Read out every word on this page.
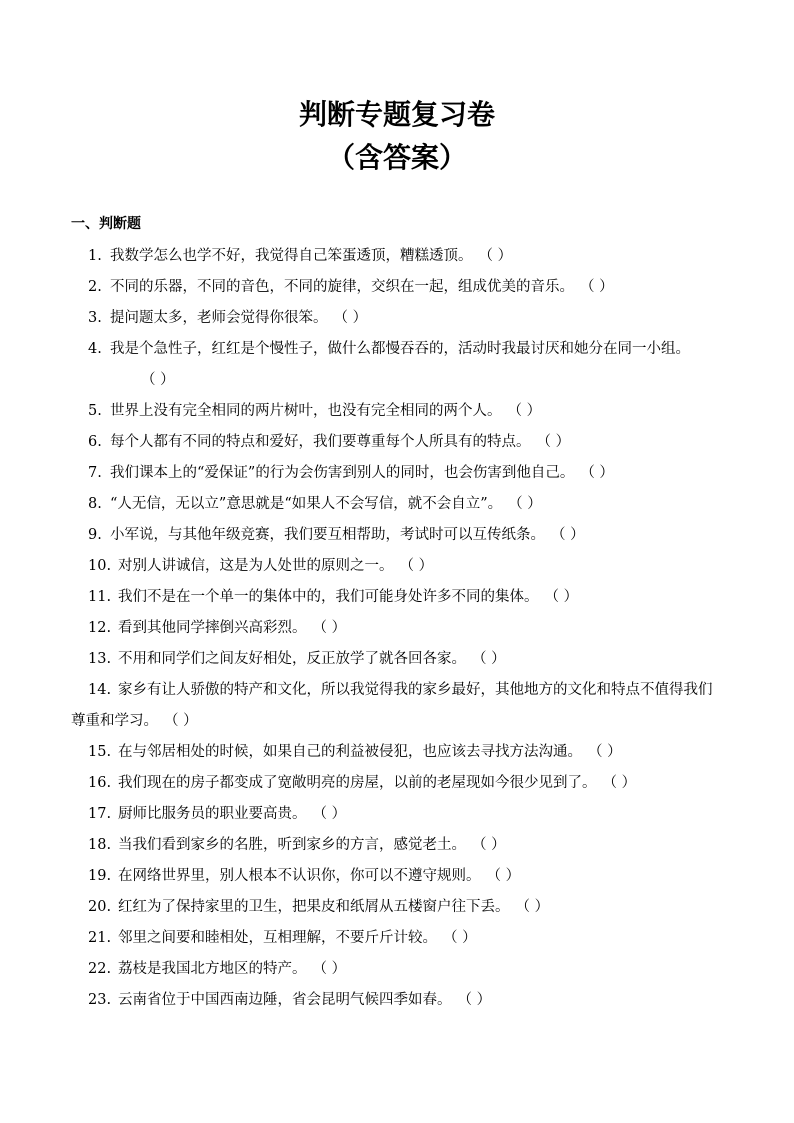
判断专题复习卷
（含答案）
一、判断题
1. 我数学怎么也学不好，我觉得自己笨蛋透顶，糟糕透顶。 （ ）
2. 不同的乐器，不同的音色，不同的旋律，交织在一起，组成优美的音乐。 （ ）
3. 提问题太多，老师会觉得你很笨。 （ ）
4. 我是个急性子，红红是个慢性子，做什么都慢吞吞的，活动时我最讨厌和她分在同一小组。（ ）
5. 世界上没有完全相同的两片树叶，也没有完全相同的两个人。 （ ）
6. 每个人都有不同的特点和爱好，我们要尊重每个人所具有的特点。 （ ）
7. 我们课本上的“爱保证”的行为会伤害到别人的同时，也会伤害到他自己。 （ ）
8. “人无信，无以立”意思就是“如果人不会写信，就不会自立”。 （ ）
9. 小军说，与其他年级竞赛，我们要互相帮助，考试时可以互传纸条。 （ ）
10. 对别人讲诚信，这是为人处世的原则之一。 （ ）
11. 我们不是在一个单一的集体中的，我们可能身处许多不同的集体。 （ ）
12. 看到其他同学摔倒兴高彩烈。 （ ）
13. 不用和同学们之间友好相处，反正放学了就各回各家。 （ ）
14. 家乡有让人骄傲的特产和文化，所以我觉得我的家乡最好，其他地方的文化和特点不值得我们尊重和学习。 （ ）
15. 在与邻居相处的时候，如果自己的利益被侵犯，也应该去寻找方法沟通。 （ ）
16. 我们现在的房子都变成了宽敞明亮的房屋，以前的老屋现如今很少见到了。 （ ）
17. 厨师比服务员的职业要高贵。 （ ）
18. 当我们看到家乡的名胜，听到家乡的方言，感觉老土。 （ ）
19. 在网络世界里，别人根本不认识你，你可以不遵守规则。 （ ）
20. 红红为了保持家里的卫生，把果皮和纸屑从五楼窗户往下丢。 （ ）
21. 邻里之间要和睦相处，互相理解，不要斤斤计较。 （ ）
22. 荔枝是我国北方地区的特产。 （ ）
23. 云南省位于中国西南边陲，省会昆明气候四季如春。 （ ）
